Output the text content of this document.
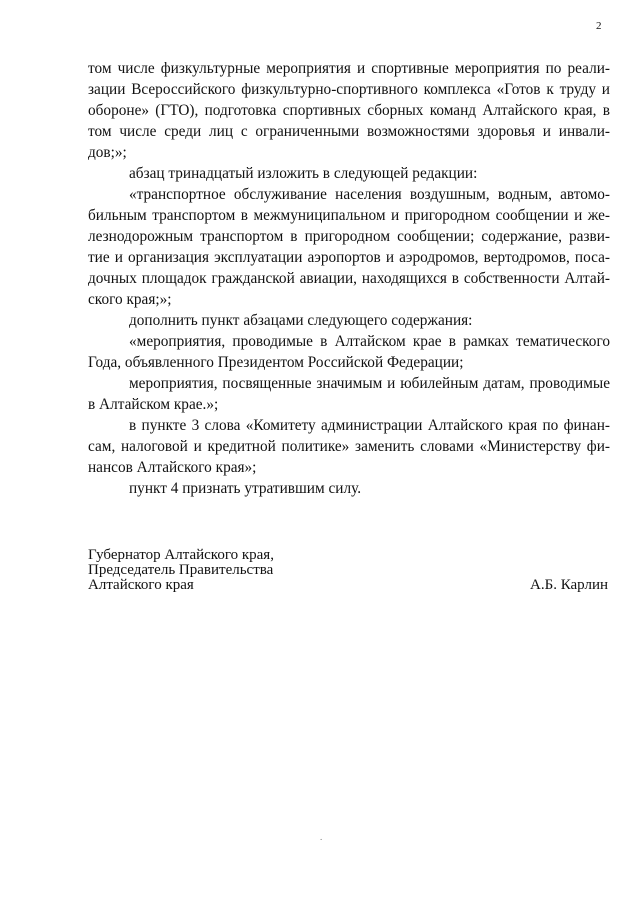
2
том числе физкультурные мероприятия и спортивные мероприятия по реали-
зации Всероссийского физкультурно-спортивного комплекса «Готов к труду и
обороне» (ГТО), подготовка спортивных сборных команд Алтайского края, в
том числе среди лиц с ограниченными возможностями здоровья и инвали-
дов;»;
абзац тринадцатый изложить в следующей редакции:
«транспортное обслуживание населения воздушным, водным, автомо-
бильным транспортом в межмуниципальном и пригородном сообщении и же-
лезнодорожным транспортом в пригородном сообщении; содержание, разви-
тие и организация эксплуатации аэропортов и аэродромов, вертодромов, поса-
дочных площадок гражданской авиации, находящихся в собственности Алтай-
ского края;»;
дополнить пункт абзацами следующего содержания:
«мероприятия, проводимые в Алтайском крае в рамках тематического
Года, объявленного Президентом Российской Федерации;
мероприятия, посвященные значимым и юбилейным датам, проводимые
в Алтайском крае.»;
в пункте 3 слова «Комитету администрации Алтайского края по финан-
сам, налоговой и кредитной политике» заменить словами «Министерству фи-
нансов Алтайского края»;
пункт 4 признать утратившим силу.
Губернатор Алтайского края,
Председатель Правительства
Алтайского края	А.Б. Карлин
.
